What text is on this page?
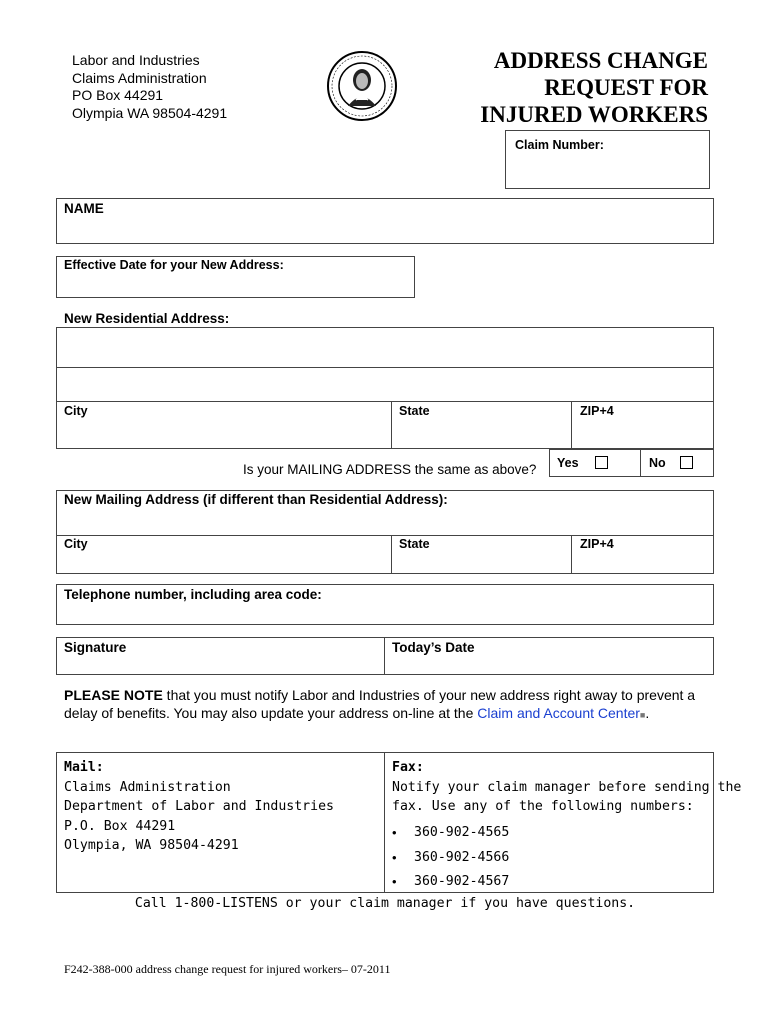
Labor and Industries
Claims Administration
PO Box 44291
Olympia WA 98504-4291
ADDRESS CHANGE
REQUEST FOR
INJURED WORKERS
Claim Number:
NAME
Effective Date for your New Address:
New Residential Address:
City	State	ZIP+4
Is your MAILING ADDRESS the same as above? Yes	No
New Mailing Address (if different than Residential Address):
City	State	ZIP+4
Telephone number, including area code:
Signature	Today’s Date
PLEASE NOTE that you must notify Labor and Industries of your new address right away to prevent a delay of benefits. You may also update your address on-line at the Claim and Account Center■.
Mail:
Claims Administration
Department of Labor and Industries
P.O. Box 44291
Olympia, WA 98504-4291
Fax:
Notify your claim manager before sending the
fax. Use any of the following numbers:
• 360-902-4565
• 360-902-4566
• 360-902-4567
Call 1-800-LISTENS or your claim manager if you have questions.
F242-388-000 address change request for injured workers– 07-2011
